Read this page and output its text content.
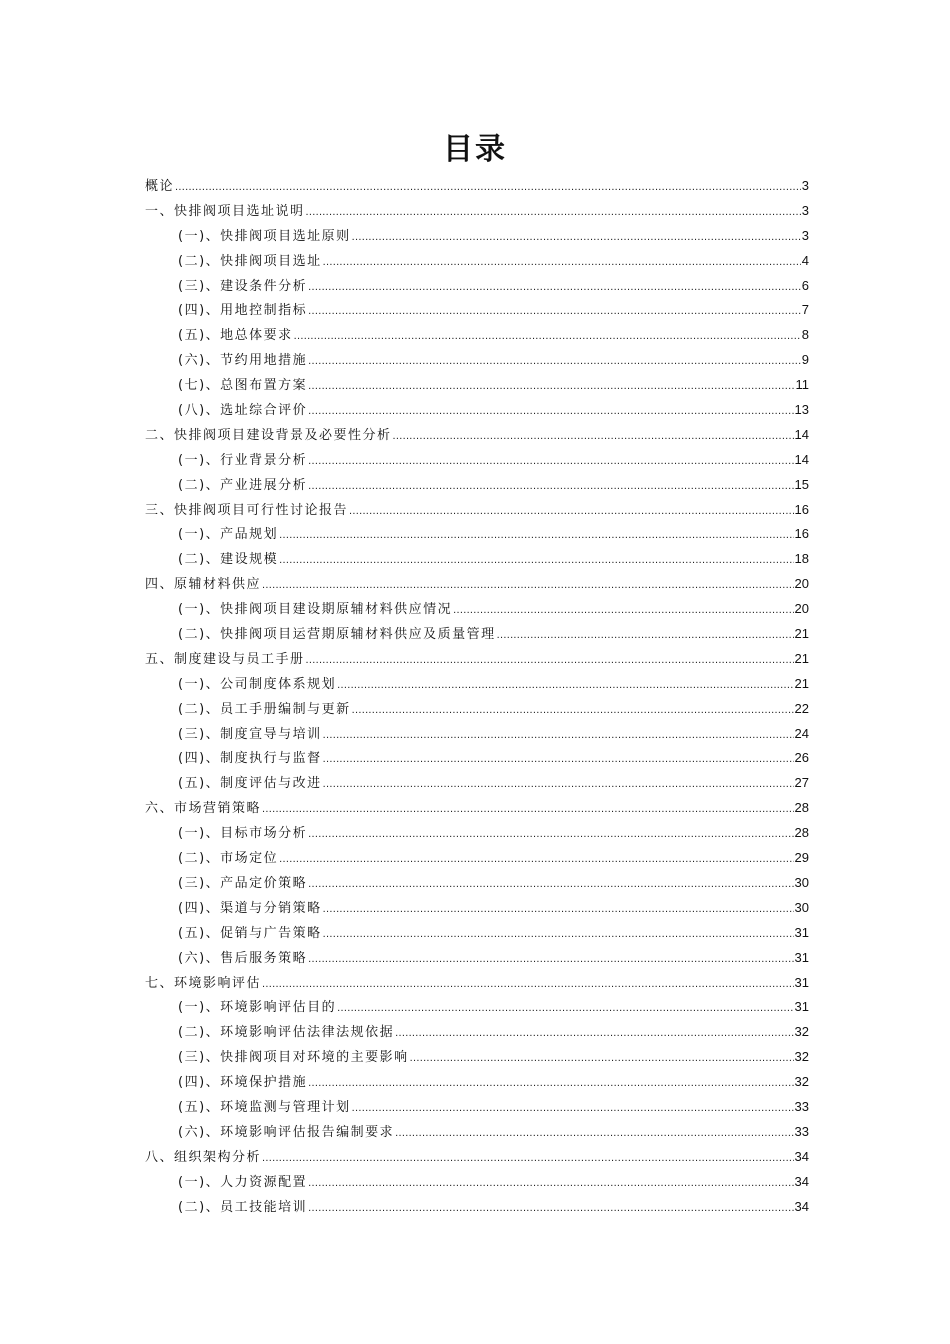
目录
概论 .....	3
一、快排阀项目选址说明 .....	3
(一)、快排阀项目选址原则 .....	3
(二)、快排阀项目选址 .....	4
(三)、建设条件分析 .....	6
(四)、用地控制指标 .....	7
(五)、地总体要求 .....	8
(六)、节约用地措施 .....	9
(七)、总图布置方案 .....	11
(八)、选址综合评价 .....	13
二、快排阀项目建设背景及必要性分析 .....	14
(一)、行业背景分析 .....	14
(二)、产业进展分析 .....	15
三、快排阀项目可行性讨论报告 .....	16
(一)、产品规划 .....	16
(二)、建设规模 .....	18
四、原辅材料供应 .....	20
(一)、快排阀项目建设期原辅材料供应情况 .....	20
(二)、快排阀项目运营期原辅材料供应及质量管理 .....	21
五、制度建设与员工手册 .....	21
(一)、公司制度体系规划 .....	21
(二)、员工手册编制与更新 .....	22
(三)、制度宣导与培训 .....	24
(四)、制度执行与监督 .....	26
(五)、制度评估与改进 .....	27
六、市场营销策略 .....	28
(一)、目标市场分析 .....	28
(二)、市场定位 .....	29
(三)、产品定价策略 .....	30
(四)、渠道与分销策略 .....	30
(五)、促销与广告策略 .....	31
(六)、售后服务策略 .....	31
七、环境影响评估 .....	31
(一)、环境影响评估目的 .....	31
(二)、环境影响评估法律法规依据 .....	32
(三)、快排阀项目对环境的主要影响 .....	32
(四)、环境保护措施 .....	32
(五)、环境监测与管理计划 .....	33
(六)、环境影响评估报告编制要求 .....	33
八、组织架构分析 .....	34
(一)、人力资源配置 .....	34
(二)、员工技能培训 .....	34
